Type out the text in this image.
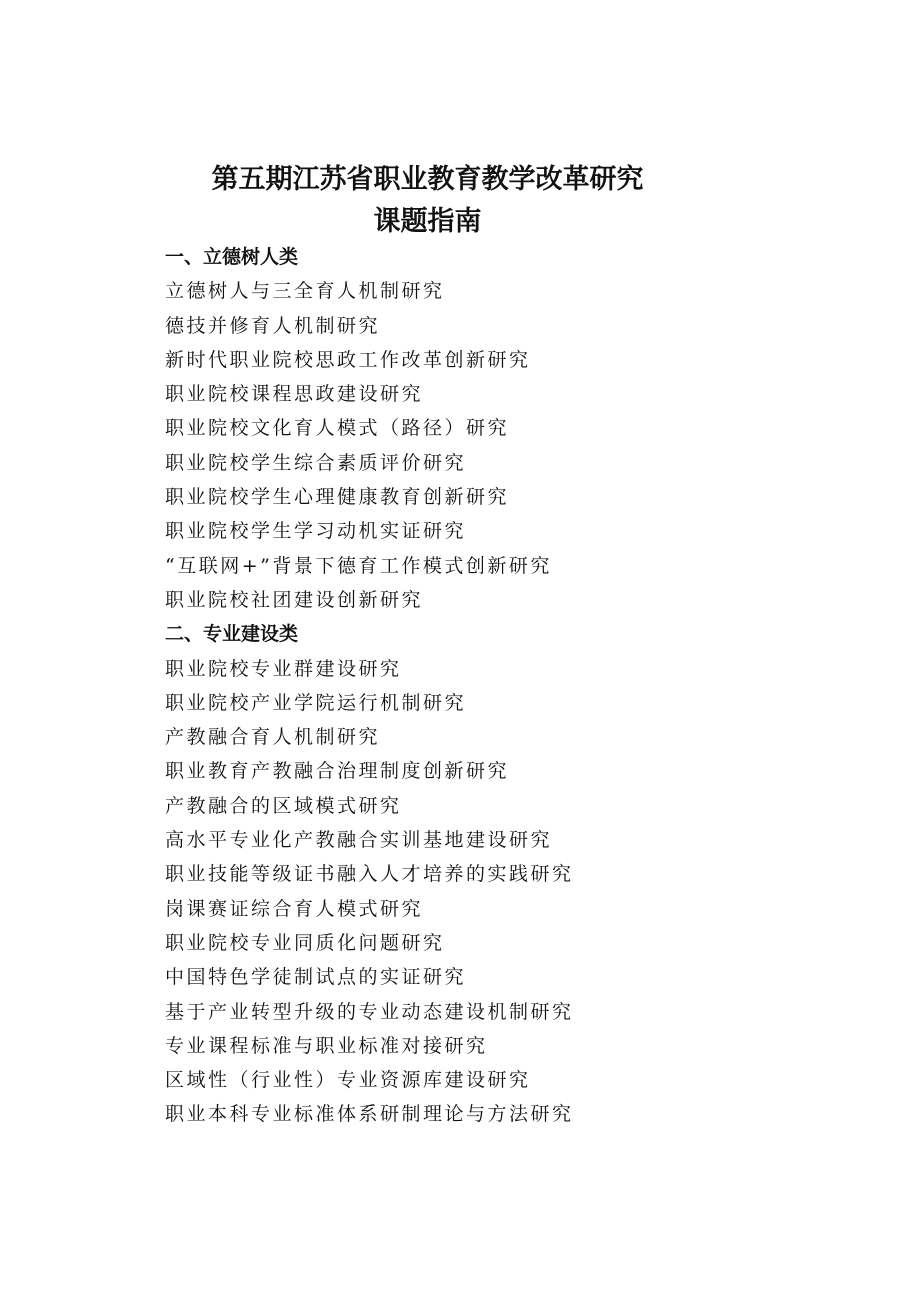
第五期江苏省职业教育教学改革研究
课题指南
一、立德树人类
立德树人与三全育人机制研究
德技并修育人机制研究
新时代职业院校思政工作改革创新研究
职业院校课程思政建设研究
职业院校文化育人模式（路径）研究
职业院校学生综合素质评价研究
职业院校学生心理健康教育创新研究
职业院校学生学习动机实证研究
“互联网+”背景下德育工作模式创新研究
职业院校社团建设创新研究
二、专业建设类
职业院校专业群建设研究
职业院校产业学院运行机制研究
产教融合育人机制研究
职业教育产教融合治理制度创新研究
产教融合的区域模式研究
高水平专业化产教融合实训基地建设研究
职业技能等级证书融入人才培养的实践研究
岗课赛证综合育人模式研究
职业院校专业同质化问题研究
中国特色学徒制试点的实证研究
基于产业转型升级的专业动态建设机制研究
专业课程标准与职业标准对接研究
区域性（行业性）专业资源库建设研究
职业本科专业标准体系研制理论与方法研究
